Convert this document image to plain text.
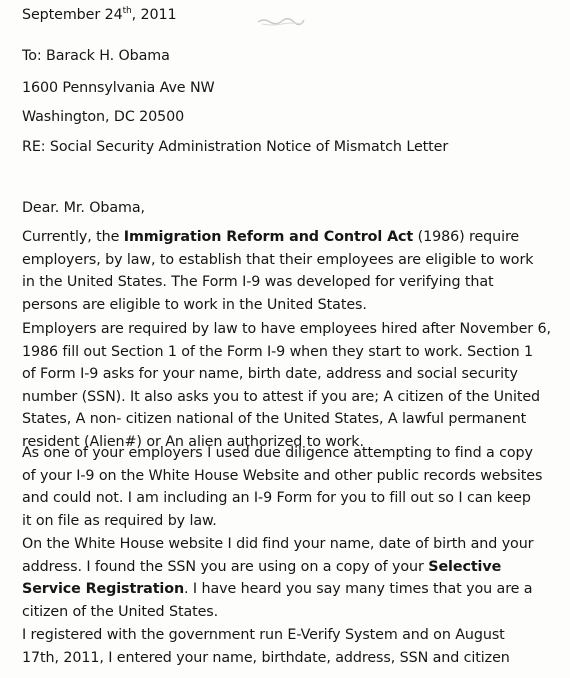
September 24th, 2011
To: Barack H. Obama
1600 Pennsylvania Ave NW
Washington, DC 20500
RE: Social Security Administration Notice of Mismatch Letter
Dear. Mr. Obama,
Currently, the Immigration Reform and Control Act (1986) require
employers, by law, to establish that their employees are eligible to work
in the United States. The Form I-9 was developed for verifying that
persons are eligible to work in the United States.
Employers are required by law to have employees hired after November 6,
1986 fill out Section 1 of the Form I-9 when they start to work. Section 1
of Form I-9 asks for your name, birth date, address and social security
number (SSN). It also asks you to attest if you are; A citizen of the United
States, A non- citizen national of the United States, A lawful permanent
resident (Alien#) or An alien authorized to work.
As one of your employers I used due diligence attempting to find a copy
of your I-9 on the White House Website and other public records websites
and could not. I am including an I-9 Form for you to fill out so I can keep
it on file as required by law.
On the White House website I did find your name, date of birth and your
address. I found the SSN you are using on a copy of your Selective
Service Registration. I have heard you say many times that you are a
citizen of the United States.
I registered with the government run E-Verify System and on August
17th, 2011, I entered your name, birthdate, address, SSN and citizen
